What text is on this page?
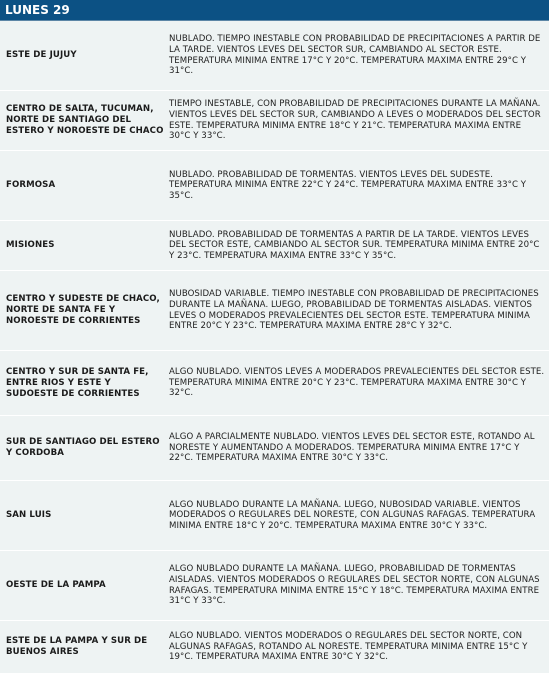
LUNES 29
ESTE DE JUJUY
NUBLADO. TIEMPO INESTABLE CON PROBABILIDAD DE PRECIPITACIONES A PARTIR DE LA TARDE. VIENTOS LEVES DEL SECTOR SUR, CAMBIANDO AL SECTOR ESTE. TEMPERATURA MINIMA ENTRE 17°C Y 20°C. TEMPERATURA MAXIMA ENTRE 29°C Y 31°C.
CENTRO DE SALTA, TUCUMAN, NORTE DE SANTIAGO DEL ESTERO Y NOROESTE DE CHACO
TIEMPO INESTABLE, CON PROBABILIDAD DE PRECIPITACIONES DURANTE LA MAÑANA. VIENTOS LEVES DEL SECTOR SUR, CAMBIANDO A LEVES O MODERADOS DEL SECTOR ESTE. TEMPERATURA MINIMA ENTRE 18°C Y 21°C. TEMPERATURA MAXIMA ENTRE 30°C Y 33°C.
FORMOSA
NUBLADO. PROBABILIDAD DE TORMENTAS. VIENTOS LEVES DEL SUDESTE. TEMPERATURA MINIMA ENTRE 22°C Y 24°C. TEMPERATURA MAXIMA ENTRE 33°C Y 35°C.
MISIONES
NUBLADO. PROBABILIDAD DE TORMENTAS A PARTIR DE LA TARDE. VIENTOS LEVES DEL SECTOR ESTE, CAMBIANDO AL SECTOR SUR. TEMPERATURA MINIMA ENTRE 20°C Y 23°C. TEMPERATURA MAXIMA ENTRE 33°C Y 35°C.
CENTRO Y SUDESTE DE CHACO, NORTE DE SANTA FE Y NOROESTE DE CORRIENTES
NUBOSIDAD VARIABLE. TIEMPO INESTABLE CON PROBABILIDAD DE PRECIPITACIONES DURANTE LA MAÑANA. LUEGO, PROBABILIDAD DE TORMENTAS AISLADAS. VIENTOS LEVES O MODERADOS PREVALECIENTES DEL SECTOR ESTE. TEMPERATURA MINIMA ENTRE 20°C Y 23°C. TEMPERATURA MAXIMA ENTRE 28°C Y 32°C.
CENTRO Y SUR DE SANTA FE, ENTRE RIOS Y ESTE Y SUDOESTE DE CORRIENTES
ALGO NUBLADO. VIENTOS LEVES A MODERADOS PREVALECIENTES DEL SECTOR ESTE. TEMPERATURA MINIMA ENTRE 20°C Y 23°C. TEMPERATURA MAXIMA ENTRE 30°C Y 32°C.
SUR DE SANTIAGO DEL ESTERO Y CORDOBA
ALGO A PARCIALMENTE NUBLADO. VIENTOS LEVES DEL SECTOR ESTE, ROTANDO AL NORESTE Y AUMENTANDO A MODERADOS. TEMPERATURA MINIMA ENTRE 17°C Y 22°C. TEMPERATURA MAXIMA ENTRE 30°C Y 33°C.
SAN LUIS
ALGO NUBLADO DURANTE LA MAÑANA. LUEGO, NUBOSIDAD VARIABLE. VIENTOS MODERADOS O REGULARES DEL NORESTE, CON ALGUNAS RAFAGAS. TEMPERATURA MINIMA ENTRE 18°C Y 20°C. TEMPERATURA MAXIMA ENTRE 30°C Y 33°C.
OESTE DE LA PAMPA
ALGO NUBLADO DURANTE LA MAÑANA. LUEGO, PROBABILIDAD DE TORMENTAS AISLADAS. VIENTOS MODERADOS O REGULARES DEL SECTOR NORTE, CON ALGUNAS RAFAGAS. TEMPERATURA MINIMA ENTRE 15°C Y 18°C. TEMPERATURA MAXIMA ENTRE 31°C Y 33°C.
ESTE DE LA PAMPA Y SUR DE BUENOS AIRES
ALGO NUBLADO. VIENTOS MODERADOS O REGULARES DEL SECTOR NORTE, CON ALGUNAS RAFAGAS, ROTANDO AL NORESTE. TEMPERATURA MINIMA ENTRE 15°C Y 19°C. TEMPERATURA MAXIMA ENTRE 30°C Y 32°C.
